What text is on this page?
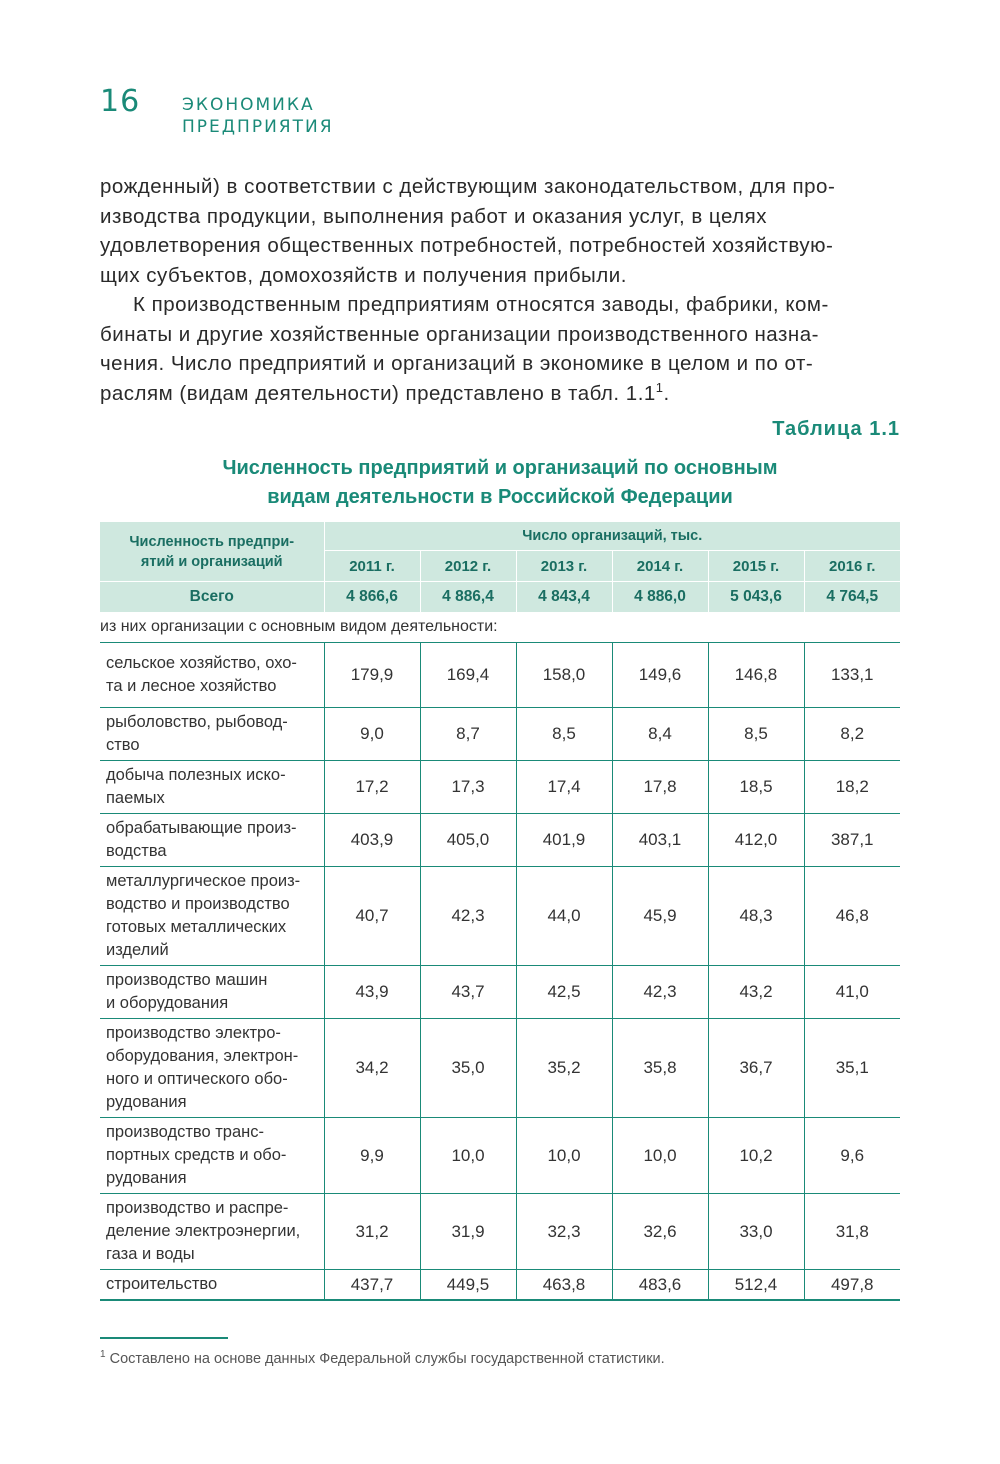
16 ЭКОНОМИКА
ПРЕДПРИЯТИЯ
рожденный) в соответствии с действующим законодательством, для про-
изводства продукции, выполнения работ и оказания услуг, в целях
удовлетворения общественных потребностей, потребностей хозяйствую-
щих субъектов, домохозяйств и получения прибыли.
К производственным предприятиям относятся заводы, фабрики, ком-
бинаты и другие хозяйственные организации производственного назна-
чения. Число предприятий и организаций в экономике в целом и по от-
раслям (видам деятельности) представлено в табл. 1.1$^1$.
Таблица 1.1
Численность предприятий и организаций по основным
видам деятельности в Российской Федерации
Численность предпри-
ятий и организаций	Число организаций, тыс.					
	2011 г.	2012 г.	2013 г.	2014 г.	2015 г.	2016 г.
Всего	4 866,6	4 886,4	4 843,4	4 886,0	5 043,6	4 764,5
из них организации с основным видом деятельности:						

сельское хозяйство, охо-
та и лесное хозяйство	179,9	169,4	158,0	149,6	146,8	133,1

рыболовство, рыбовод-
ство	9,0	8,7	8,5	8,4	8,5	8,2

добыча полезных иско-
паемых	17,2	17,3	17,4	17,8	18,5	18,2

обрабатывающие произ-
водства	403,9	405,0	401,9	403,1	412,0	387,1

металлургическое произ-
водство и производство
готовых металлических
изделий	40,7	42,3	44,0	45,9	48,3	46,8

производство машин
и оборудования	43,9	43,7	42,5	42,3	43,2	41,0

производство электро-
оборудования, электрон-
ного и оптического обо-
рудования	34,2	35,0	35,2	35,8	36,7	35,1

производство транс-
портных средств и обо-
рудования	9,9	10,0	10,0	10,0	10,2	9,6

производство и распре-
деление электроэнергии,
газа и воды	31,2	31,9	32,3	32,6	33,0	31,8

строительство	437,7	449,5	463,8	483,6	512,4	497,8
$^1$ Составлено на основе данных Федеральной службы государственной статистики.
